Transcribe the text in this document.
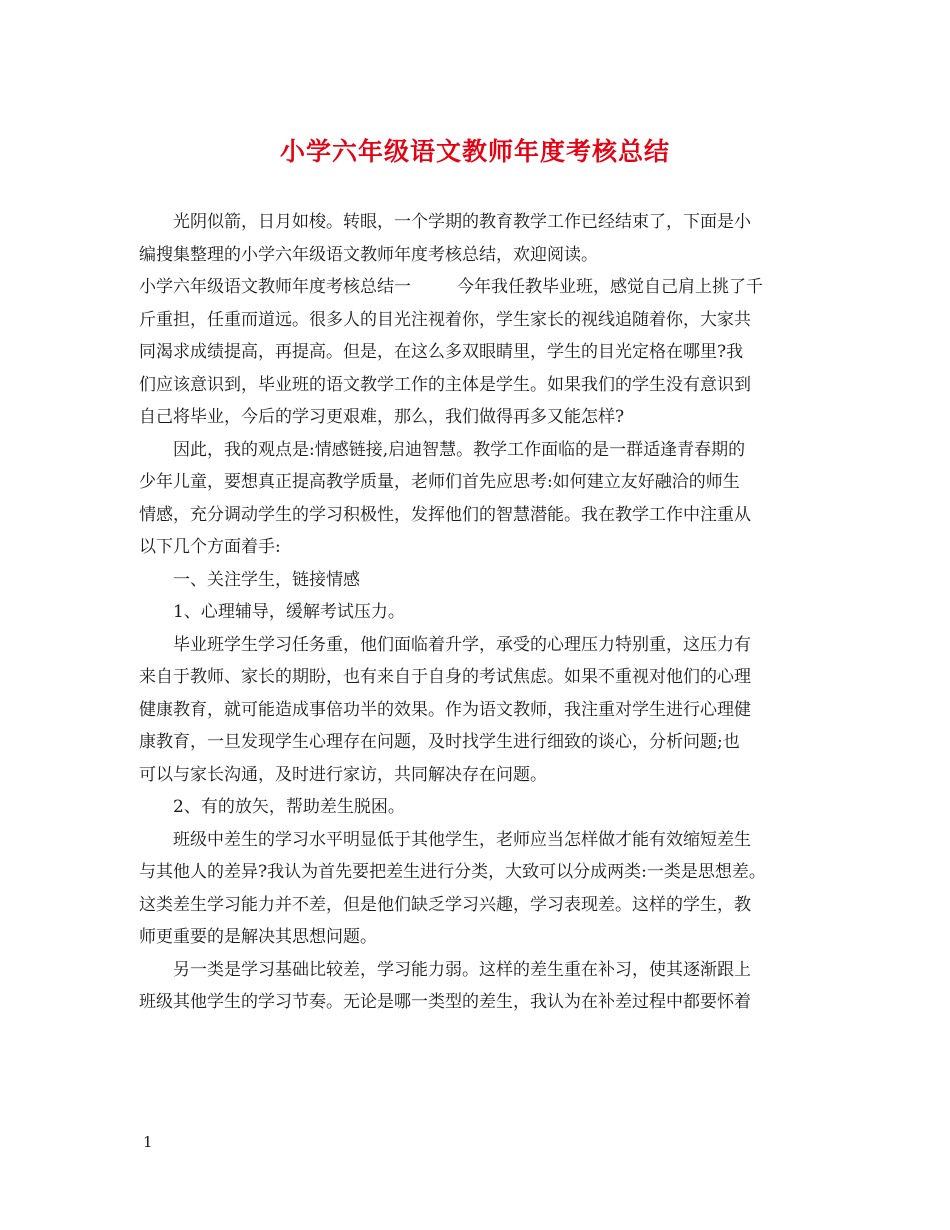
小学六年级语文教师年度考核总结
光阴似箭，日月如梭。转眼，一个学期的教育教学工作已经结束了，下面是小
编搜集整理的小学六年级语文教师年度考核总结，欢迎阅读。
小学六年级语文教师年度考核总结一	今年我任教毕业班，感觉自己肩上挑了千
斤重担，任重而道远。很多人的目光注视着你，学生家长的视线追随着你，大家共
同渴求成绩提高，再提高。但是，在这么多双眼睛里，学生的目光定格在哪里?我
们应该意识到，毕业班的语文教学工作的主体是学生。如果我们的学生没有意识到
自己将毕业，今后的学习更艰难，那么，我们做得再多又能怎样?
因此，我的观点是:情感链接,启迪智慧。教学工作面临的是一群适逢青春期的
少年儿童，要想真正提高教学质量，老师们首先应思考:如何建立友好融洽的师生
情感，充分调动学生的学习积极性，发挥他们的智慧潜能。我在教学工作中注重从
以下几个方面着手:
一、关注学生，链接情感
1、心理辅导，缓解考试压力。
毕业班学生学习任务重，他们面临着升学，承受的心理压力特别重，这压力有
来自于教师、家长的期盼，也有来自于自身的考试焦虑。如果不重视对他们的心理
健康教育，就可能造成事倍功半的效果。作为语文教师，我注重对学生进行心理健
康教育，一旦发现学生心理存在问题，及时找学生进行细致的谈心，分析问题;也
可以与家长沟通，及时进行家访，共同解决存在问题。
2、有的放矢，帮助差生脱困。
班级中差生的学习水平明显低于其他学生，老师应当怎样做才能有效缩短差生
与其他人的差异?我认为首先要把差生进行分类，大致可以分成两类:一类是思想差。
这类差生学习能力并不差，但是他们缺乏学习兴趣，学习表现差。这样的学生，教
师更重要的是解决其思想问题。
另一类是学习基础比较差，学习能力弱。这样的差生重在补习，使其逐渐跟上
班级其他学生的学习节奏。无论是哪一类型的差生，我认为在补差过程中都要怀着
1
